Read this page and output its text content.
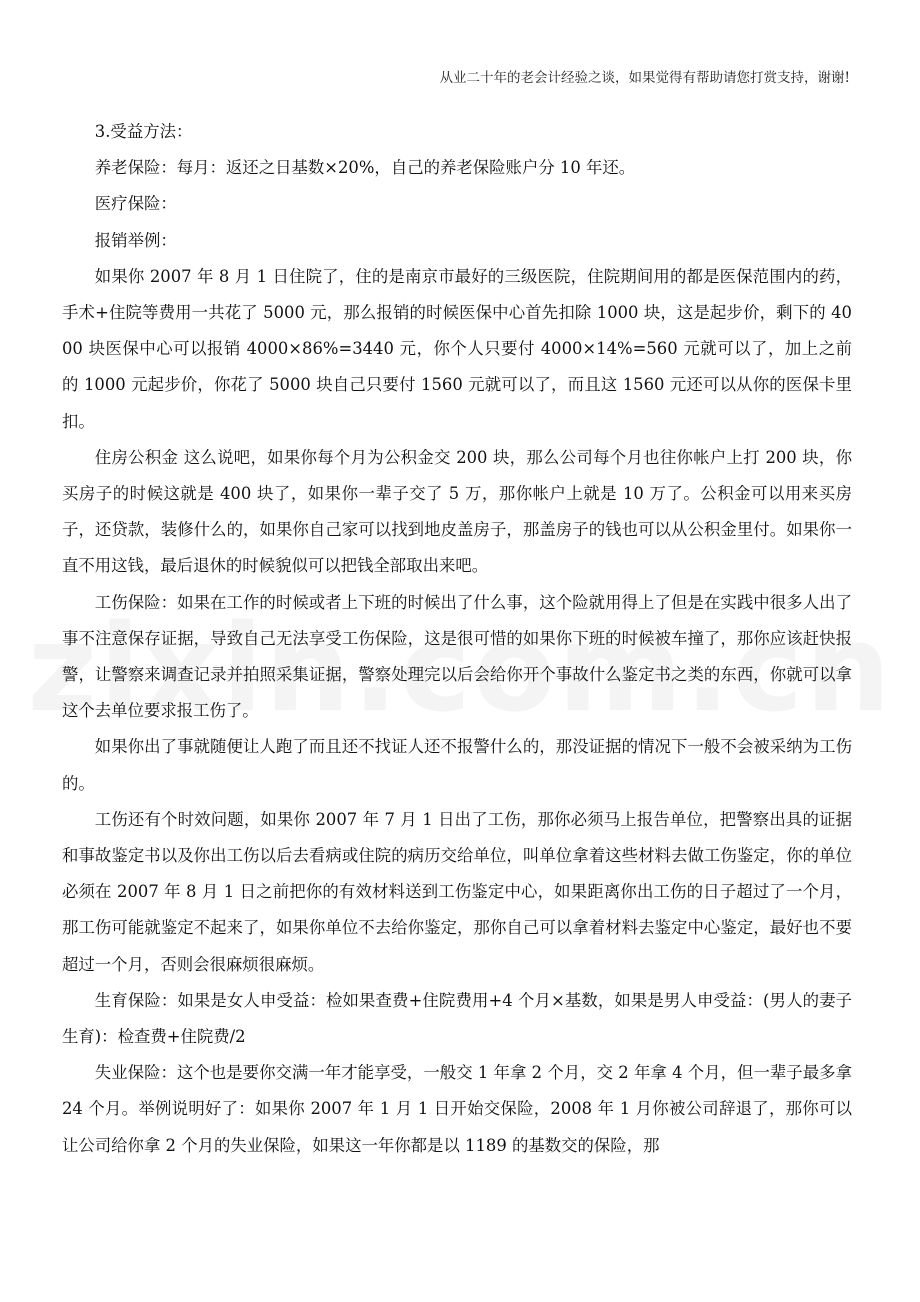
从业二十年的老会计经验之谈，如果觉得有帮助请您打赏支持，谢谢!

3.受益方法：

养老保险：每月：返还之日基数×20%，自己的养老保险账户分 10 年还。

医疗保险：

报销举例：

如果你 2007 年 8 月 1 日住院了，住的是南京市最好的三级医院，住院期间用的都是医保范围内的药，手术+住院等费用一共花了 5000 元，那么报销的时候医保中心首先扣除 1000 块，这是起步价，剩下的 4000 块医保中心可以报销 4000×86%=3440 元，你个人只要付 4000×14%=560 元就可以了，加上之前的 1000 元起步价，你花了 5000 块自己只要付 1560 元就可以了，而且这 1560 元还可以从你的医保卡里扣。

住房公积金 这么说吧，如果你每个月为公积金交 200 块，那么公司每个月也往你帐户上打 200 块，你买房子的时候这就是 400 块了，如果你一辈子交了 5 万，那你帐户上就是 10 万了。公积金可以用来买房子，还贷款，装修什么的，如果你自己家可以找到地皮盖房子，那盖房子的钱也可以从公积金里付。如果你一直不用这钱，最后退休的时候貌似可以把钱全部取出来吧。

工伤保险：如果在工作的时候或者上下班的时候出了什么事，这个险就用得上了但是在实践中很多人出了事不注意保存证据，导致自己无法享受工伤保险，这是很可惜的如果你下班的时候被车撞了，那你应该赶快报警，让警察来调查记录并拍照采集证据，警察处理完以后会给你开个事故什么鉴定书之类的东西，你就可以拿这个去单位要求报工伤了。

如果你出了事就随便让人跑了而且还不找证人还不报警什么的，那没证据的情况下一般不会被采纳为工伤的。

工伤还有个时效问题，如果你 2007 年 7 月 1 日出了工伤，那你必须马上报告单位，把警察出具的证据和事故鉴定书以及你出工伤以后去看病或住院的病历交给单位，叫单位拿着这些材料去做工伤鉴定，你的单位必须在 2007 年 8 月 1 日之前把你的有效材料送到工伤鉴定中心，如果距离你出工伤的日子超过了一个月，那工伤可能就鉴定不起来了，如果你单位不去给你鉴定，那你自己可以拿着材料去鉴定中心鉴定，最好也不要超过一个月，否则会很麻烦很麻烦。

生育保险：如果是女人申受益：检如果查费+住院费用+4 个月×基数，如果是男人申受益：(男人的妻子生育)：检查费+住院费/2

失业保险：这个也是要你交满一年才能享受，一般交 1 年拿 2 个月，交 2 年拿 4 个月，但一辈子最多拿 24 个月。举例说明好了：如果你 2007 年 1 月 1 日开始交保险，2008 年 1 月你被公司辞退了，那你可以让公司给你拿 2 个月的失业保险，如果这一年你都是以 1189 的基数交的保险，那
